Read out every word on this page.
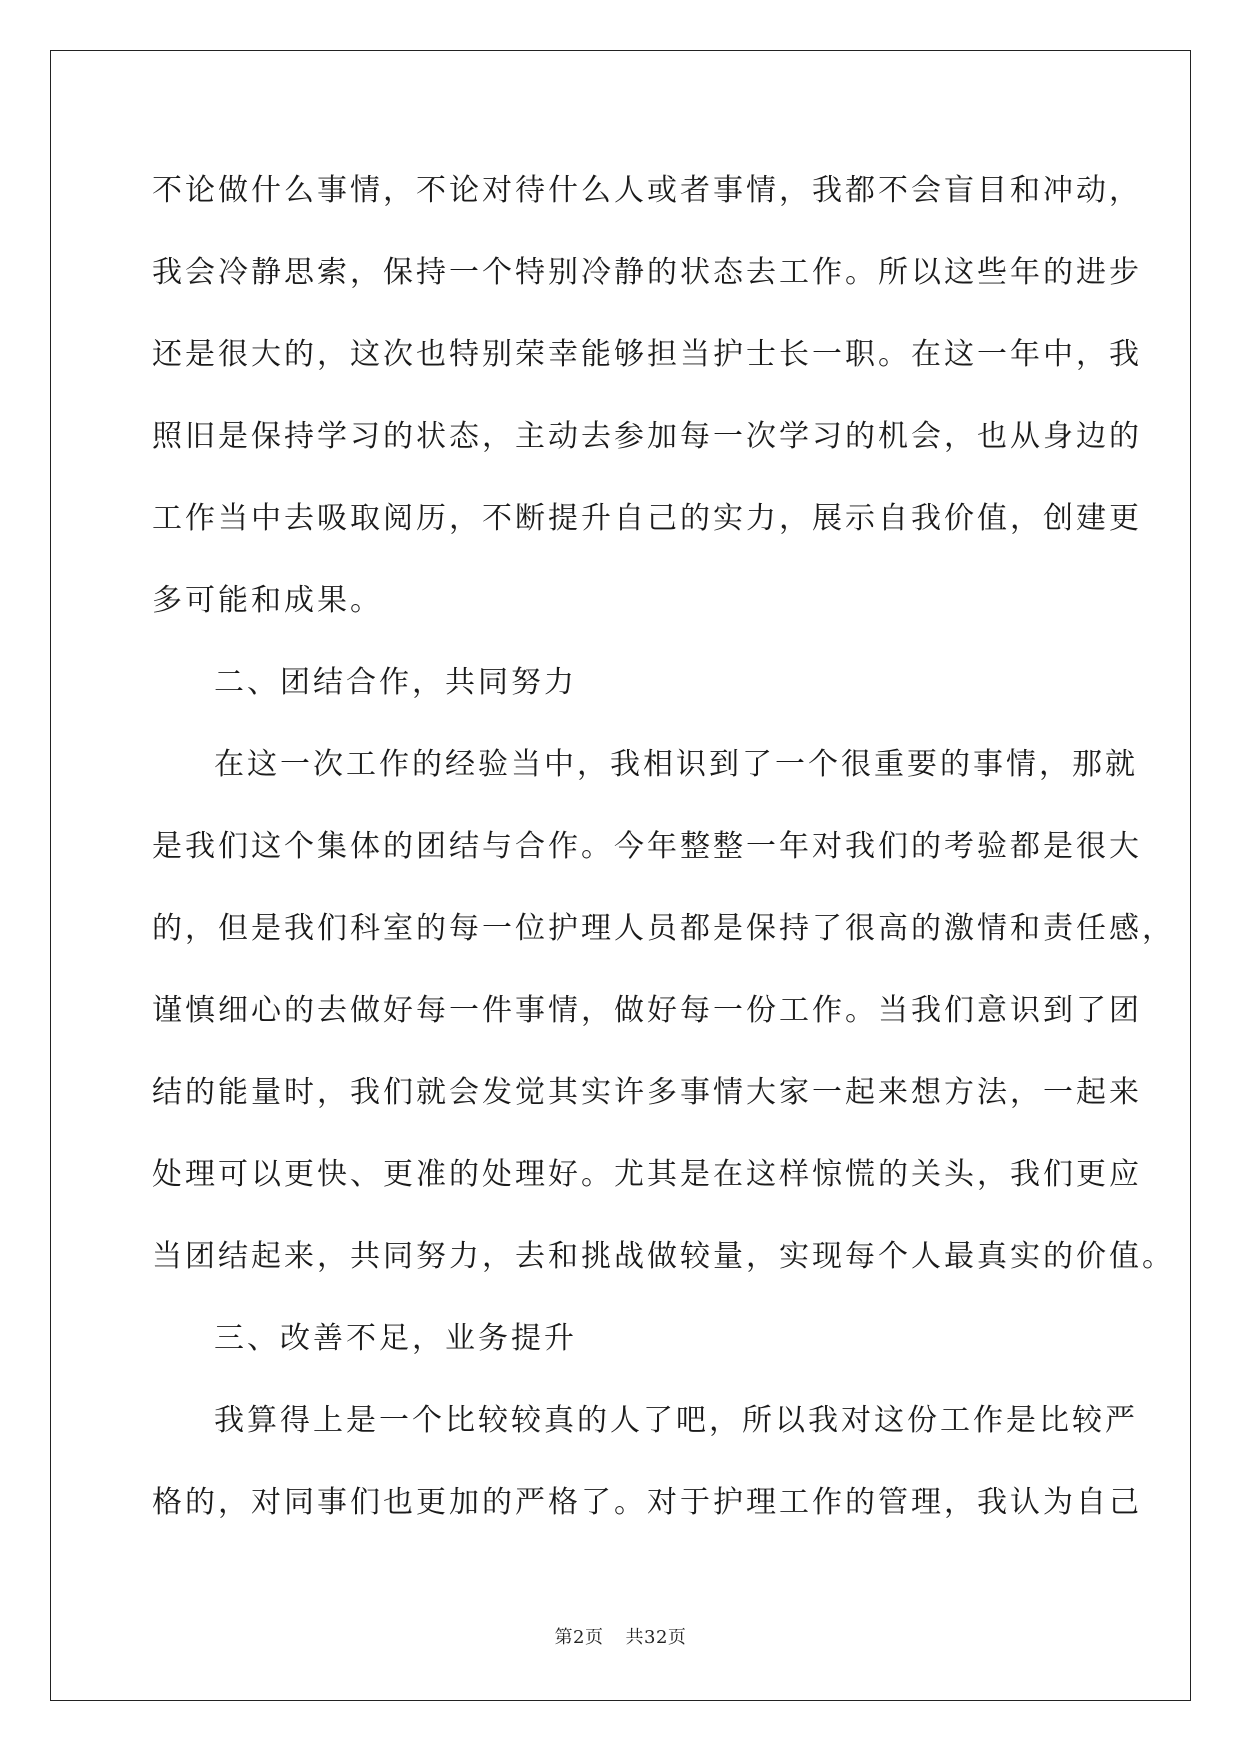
不论做什么事情，不论对待什么人或者事情，我都不会盲目和冲动，
我会冷静思索，保持一个特别冷静的状态去工作。所以这些年的进步
还是很大的，这次也特别荣幸能够担当护士长一职。在这一年中，我
照旧是保持学习的状态，主动去参加每一次学习的机会，也从身边的
工作当中去吸取阅历，不断提升自己的实力，展示自我价值，创建更
多可能和成果。
二、团结合作，共同努力
在这一次工作的经验当中，我相识到了一个很重要的事情，那就
是我们这个集体的团结与合作。今年整整一年对我们的考验都是很大
的，但是我们科室的每一位护理人员都是保持了很高的激情和责任感，
谨慎细心的去做好每一件事情，做好每一份工作。当我们意识到了团
结的能量时，我们就会发觉其实许多事情大家一起来想方法，一起来
处理可以更快、更准的处理好。尤其是在这样惊慌的关头，我们更应
当团结起来，共同努力，去和挑战做较量，实现每个人最真实的价值。
三、改善不足，业务提升
我算得上是一个比较较真的人了吧，所以我对这份工作是比较严
格的，对同事们也更加的严格了。对于护理工作的管理，我认为自己
第2页 共32页
